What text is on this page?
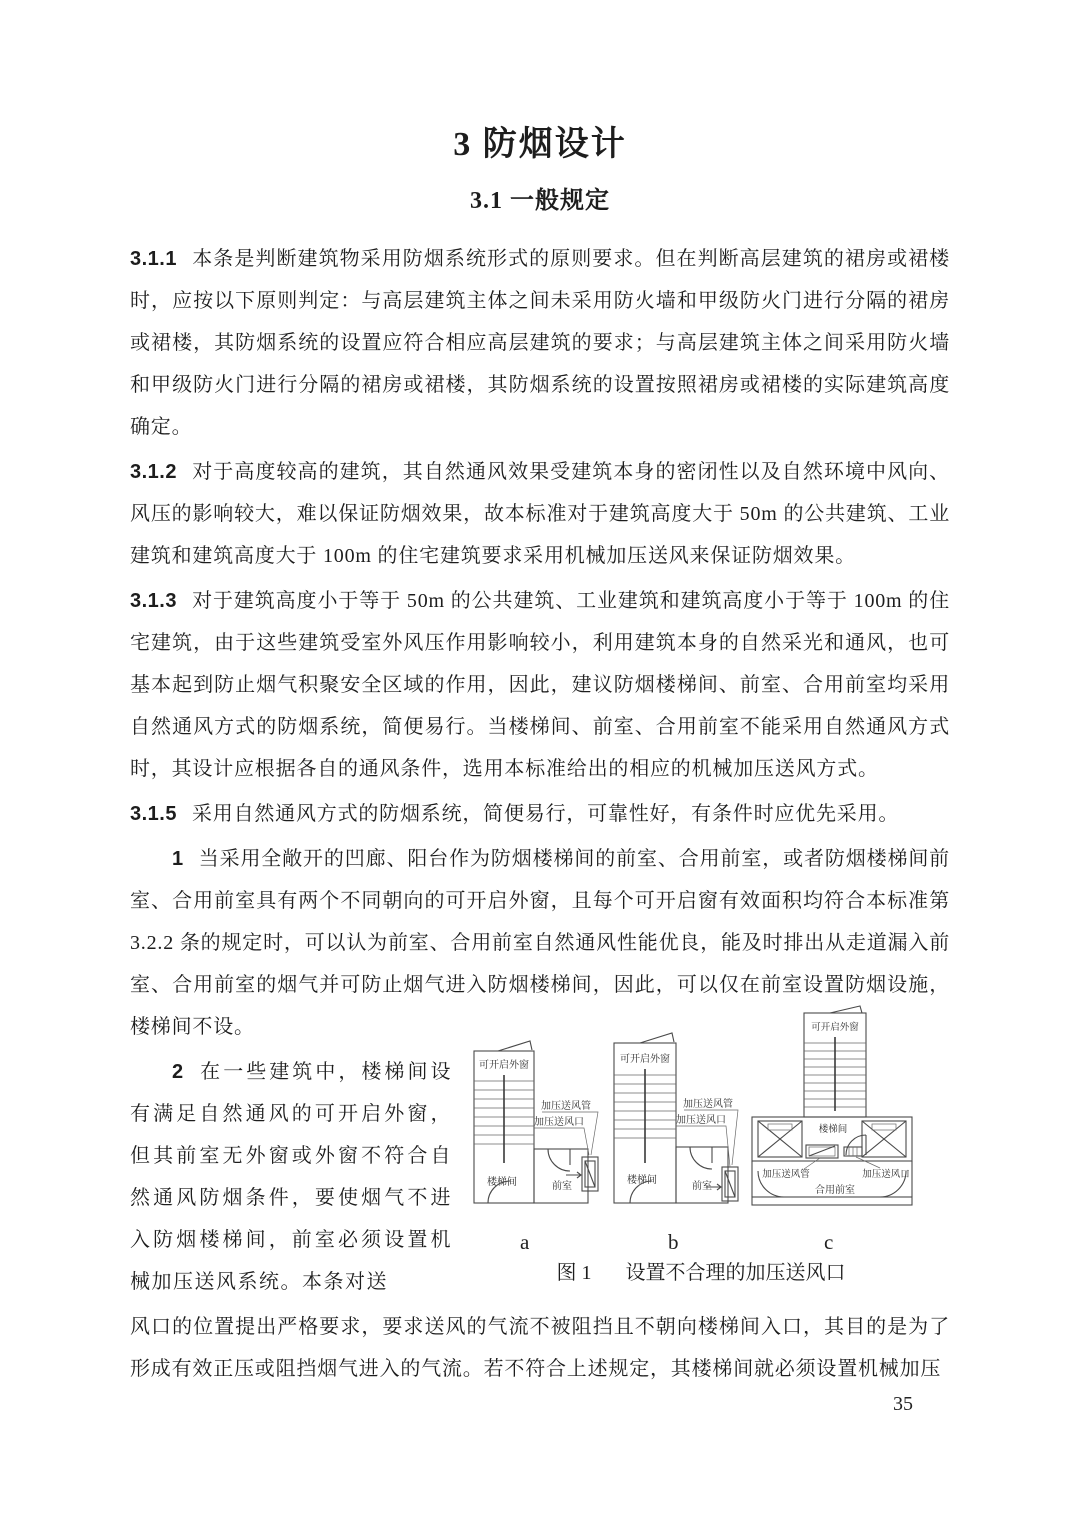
3 防烟设计
3.1 一般规定

3.1.1 本条是判断建筑物采用防烟系统形式的原则要求。但在判断高层建筑的裙房或裙楼时，应按以下原则判定：与高层建筑主体之间未采用防火墙和甲级防火门进行分隔的裙房或裙楼，其防烟系统的设置应符合相应高层建筑的要求；与高层建筑主体之间采用防火墙和甲级防火门进行分隔的裙房或裙楼，其防烟系统的设置按照裙房或裙楼的实际建筑高度确定。

3.1.2 对于高度较高的建筑，其自然通风效果受建筑本身的密闭性以及自然环境中风向、风压的影响较大，难以保证防烟效果，故本标准对于建筑高度大于 50m 的公共建筑、工业建筑和建筑高度大于 100m 的住宅建筑要求采用机械加压送风来保证防烟效果。

3.1.3 对于建筑高度小于等于 50m 的公共建筑、工业建筑和建筑高度小于等于 100m 的住宅建筑，由于这些建筑受室外风压作用影响较小，利用建筑本身的自然采光和通风，也可基本起到防止烟气积聚安全区域的作用，因此，建议防烟楼梯间、前室、合用前室均采用自然通风方式的防烟系统，简便易行。当楼梯间、前室、合用前室不能采用自然通风方式时，其设计应根据各自的通风条件，选用本标准给出的相应的机械加压送风方式。

3.1.5 采用自然通风方式的防烟系统，简便易行，可靠性好，有条件时应优先采用。

1 当采用全敞开的凹廊、阳台作为防烟楼梯间的前室、合用前室，或者防烟楼梯间前室、合用前室具有两个不同朝向的可开启外窗，且每个可开启窗有效面积均符合本标准第 3.2.2 条的规定时，可以认为前室、合用前室自然通风性能优良，能及时排出从走道漏入前室、合用前室的烟气并可防止烟气进入防烟楼梯间，因此，可以仅在前室设置防烟设施，楼梯间不设。

2 在一些建筑中，楼梯间设有满足自然通风的可开启外窗，但其前室无外窗或外窗不符合自然通风防烟条件，要使烟气不进入防烟楼梯间，前室必须设置机械加压送风系统。本条对送

可开启外窗
楼梯间	前室
加压送风管
加压送风口
可开启外窗
楼梯间
前室
加压送风管
加压送风口
可开启外窗
楼梯间
加压送风管	加压送风口
合用前室
a	b	c
图 1 设置不合理的加压送风口

风口的位置提出严格要求，要求送风的气流不被阻挡且不朝向楼梯间入口，其目的是为了形成有效正压或阻挡烟气进入的气流。若不符合上述规定，其楼梯间就必须设置机械加压

35
